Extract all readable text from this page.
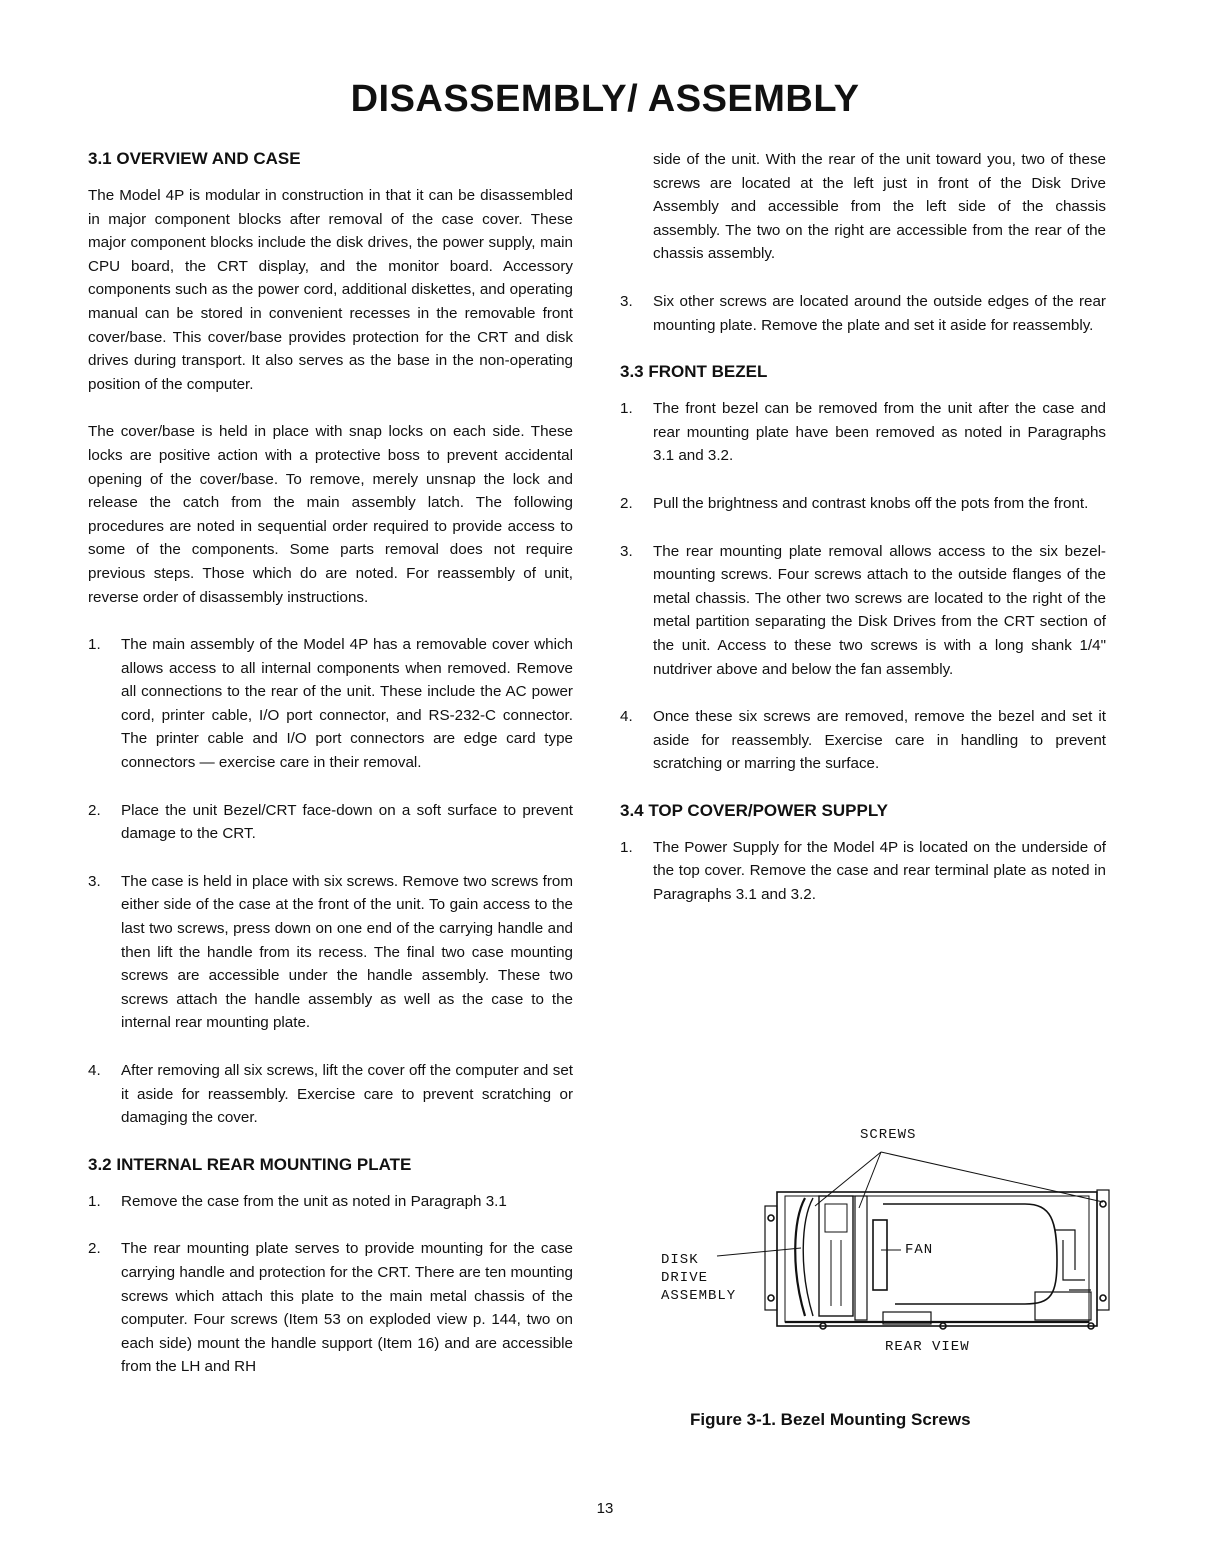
DISASSEMBLY/ ASSEMBLY
3.1 OVERVIEW AND CASE

The Model 4P is modular in construction in that it can be disassembled in major component blocks after removal of the case cover. These major component blocks include the disk drives, the power supply, main CPU board, the CRT display, and the monitor board. Accessory components such as the power cord, additional diskettes, and operating manual can be stored in convenient recesses in the removable front cover/base. This cover/base provides protection for the CRT and disk drives during transport. It also serves as the base in the non-operating position of the computer.

The cover/base is held in place with snap locks on each side. These locks are positive action with a protective boss to prevent accidental opening of the cover/base. To remove, merely unsnap the lock and release the catch from the main assembly latch. The following procedures are noted in sequential order required to provide access to some of the components. Some parts removal does not require previous steps. Those which do are noted. For reassembly of unit, reverse order of disassembly instructions.

1. The main assembly of the Model 4P has a removable cover which allows access to all internal components when removed. Remove all connections to the rear of the unit. These include the AC power cord, printer cable, I/O port connector, and RS-232-C connector. The printer cable and I/O port connectors are edge card type connectors — exercise care in their removal.
2. Place the unit Bezel/CRT face-down on a soft surface to prevent damage to the CRT.
3. The case is held in place with six screws. Remove two screws from either side of the case at the front of the unit. To gain access to the last two screws, press down on one end of the carrying handle and then lift the handle from its recess. The final two case mounting screws are accessible under the handle assembly. These two screws attach the handle assembly as well as the case to the internal rear mounting plate.
4. After removing all six screws, lift the cover off the computer and set it aside for reassembly. Exercise care to prevent scratching or damaging the cover.
3.2 INTERNAL REAR MOUNTING PLATE
1. Remove the case from the unit as noted in Paragraph 3.1
2. The rear mounting plate serves to provide mounting for the case carrying handle and protection for the CRT. There are ten mounting screws which attach this plate to the main metal chassis of the computer. Four screws (Item 53 on exploded view p. 144, two on each side) mount the handle support (Item 16) and are accessible from the LH and RH
side of the unit. With the rear of the unit toward you, two of these screws are located at the left just in front of the Disk Drive Assembly and accessible from the left side of the chassis assembly. The two on the right are accessible from the rear of the chassis assembly.
3. Six other screws are located around the outside edges of the rear mounting plate. Remove the plate and set it aside for reassembly.
3.3 FRONT BEZEL
1. The front bezel can be removed from the unit after the case and rear mounting plate have been removed as noted in Paragraphs 3.1 and 3.2.
2. Pull the brightness and contrast knobs off the pots from the front.
3. The rear mounting plate removal allows access to the six bezel-mounting screws. Four screws attach to the outside flanges of the metal chassis. The other two screws are located to the right of the metal partition separating the Disk Drives from the CRT section of the unit. Access to these two screws is with a long shank 1/4" nutdriver above and below the fan assembly.
4. Once these six screws are removed, remove the bezel and set it aside for reassembly. Exercise care in handling to prevent scratching or marring the surface.
3.4 TOP COVER/POWER SUPPLY
1. The Power Supply for the Model 4P is located on the underside of the top cover. Remove the case and rear terminal plate as noted in Paragraphs 3.1 and 3.2.
SCREWS
FAN
DISK
DRIVE
ASSEMBLY
REAR VIEW
Figure 3-1. Bezel Mounting Screws
13
